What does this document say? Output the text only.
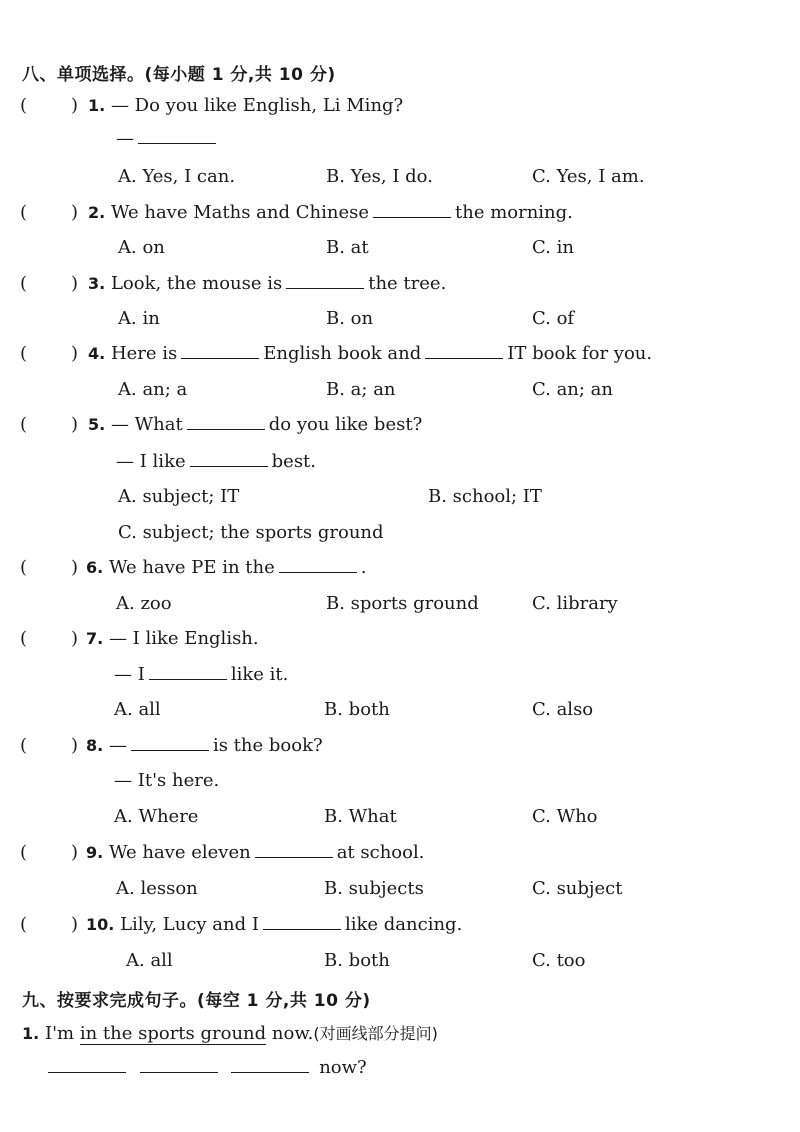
八、单项选择。(每小题 1 分,共 10 分)
( ) 1. — Do you like English, Li Ming?
—
A. Yes, I can.	B. Yes, I do.	C. Yes, I am.
( ) 2. We have Maths and Chinese	the morning.
A. on	B. at	C. in
( ) 3. Look, the mouse is	the tree.
A. in	B. on	C. of
( ) 4. Here is	English book and	IT book for you.
A. an; a	B. a; an	C. an; an
( ) 5. — What	do you like best?
— I like	best.
A. subject; IT	B. school; IT
C. subject; the sports ground
( ) 6. We have PE in the	.
A. zoo	B. sports ground	C. library
( ) 7. — I like English.
— I	like it.
A. all	B. both	C. also
( ) 8. —	is the book?
— It's here.
A. Where	B. What	C. Who
( ) 9. We have eleven	at school.
A. lesson	B. subjects	C. subject
( ) 10. Lily, Lucy and I	like dancing.
A. all	B. both	C. too
九、按要求完成句子。(每空 1 分,共 10 分)
1. I'm in the sports ground now.(对画线部分提问)
now?
